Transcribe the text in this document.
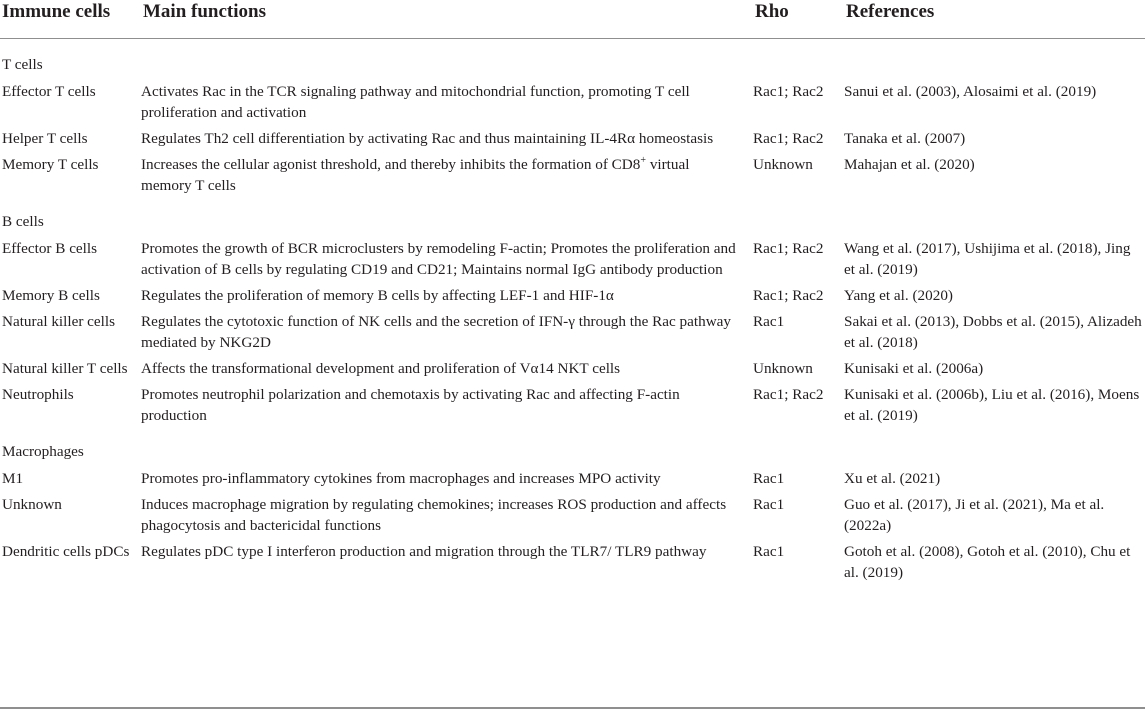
Immune cells	Main functions	Rho	References
T cells			
Effector T cells	Activates Rac in the TCR signaling pathway and mitochondrial function, promoting T cell proliferation and activation	Rac1; Rac2	Sanui et al. (2003), Alosaimi et al. (2019)
Helper T cells	Regulates Th2 cell differentiation by activating Rac and thus maintaining IL-4Rα homeostasis	Rac1; Rac2	Tanaka et al. (2007)
Memory T cells	Increases the cellular agonist threshold, and thereby inhibits the formation of CD8+ virtual memory T cells	Unknown	Mahajan et al. (2020)
B cells			
Effector B cells	Promotes the growth of BCR microclusters by remodeling F-actin; Promotes the proliferation and activation of B cells by regulating CD19 and CD21; Maintains normal IgG antibody production	Rac1; Rac2	Wang et al. (2017), Ushijima et al. (2018), Jing et al. (2019)
Memory B cells	Regulates the proliferation of memory B cells by affecting LEF-1 and HIF-1α	Rac1; Rac2	Yang et al. (2020)
Natural killer cells	Regulates the cytotoxic function of NK cells and the secretion of IFN-γ through the Rac pathway mediated by NKG2D	Rac1	Sakai et al. (2013), Dobbs et al. (2015), Alizadeh et al. (2018)
Natural killer T cells	Affects the transformational development and proliferation of Vα14 NKT cells	Unknown	Kunisaki et al. (2006a)
Neutrophils	Promotes neutrophil polarization and chemotaxis by activating Rac and affecting F-actin production	Rac1; Rac2	Kunisaki et al. (2006b), Liu et al. (2016), Moens et al. (2019)
Macrophages			
M1	Promotes pro-inflammatory cytokines from macrophages and increases MPO activity	Rac1	Xu et al. (2021)
Unknown	Induces macrophage migration by regulating chemokines; increases ROS production and affects phagocytosis and bactericidal functions	Rac1	Guo et al. (2017), Ji et al. (2021), Ma et al. (2022a)
Dendritic cells pDCs	Regulates pDC type I interferon production and migration through the TLR7/ TLR9 pathway	Rac1	Gotoh et al. (2008), Gotoh et al. (2010), Chu et al. (2019)
